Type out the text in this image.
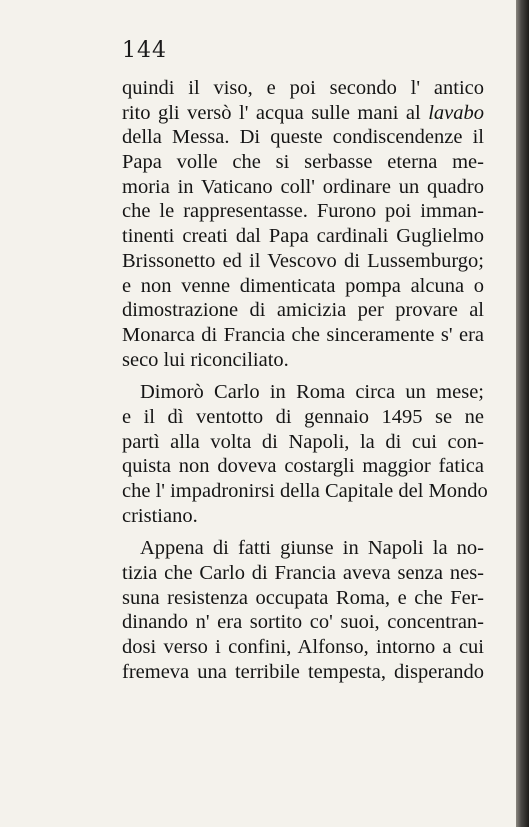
144
quindi il viso, e poi secondo l' antico
rito gli versò l' acqua sulle mani al lavabo
della Messa. Di queste condiscendenze il
Papa volle che si serbasse eterna me-
moria in Vaticano coll' ordinare un quadro
che le rappresentasse. Furono poi imman-
tinenti creati dal Papa cardinali Guglielmo
Brissonetto ed il Vescovo di Lussemburgo;
e non venne dimenticata pompa alcuna o
dimostrazione di amicizia per provare al
Monarca di Francia che sinceramente s' era
seco lui riconciliato.
Dimorò Carlo in Roma circa un mese;
e il dì ventotto di gennaio 1495 se ne
partì alla volta di Napoli, la di cui con-
quista non doveva costargli maggior fatica
che l' impadronirsi della Capitale del Mondo
cristiano.
Appena di fatti giunse in Napoli la no-
tizia che Carlo di Francia aveva senza nes-
suna resistenza occupata Roma, e che Fer-
dinando n' era sortito co' suoi, concentran-
dosi verso i confini, Alfonso, intorno a cui
fremeva una terribile tempesta, disperando
